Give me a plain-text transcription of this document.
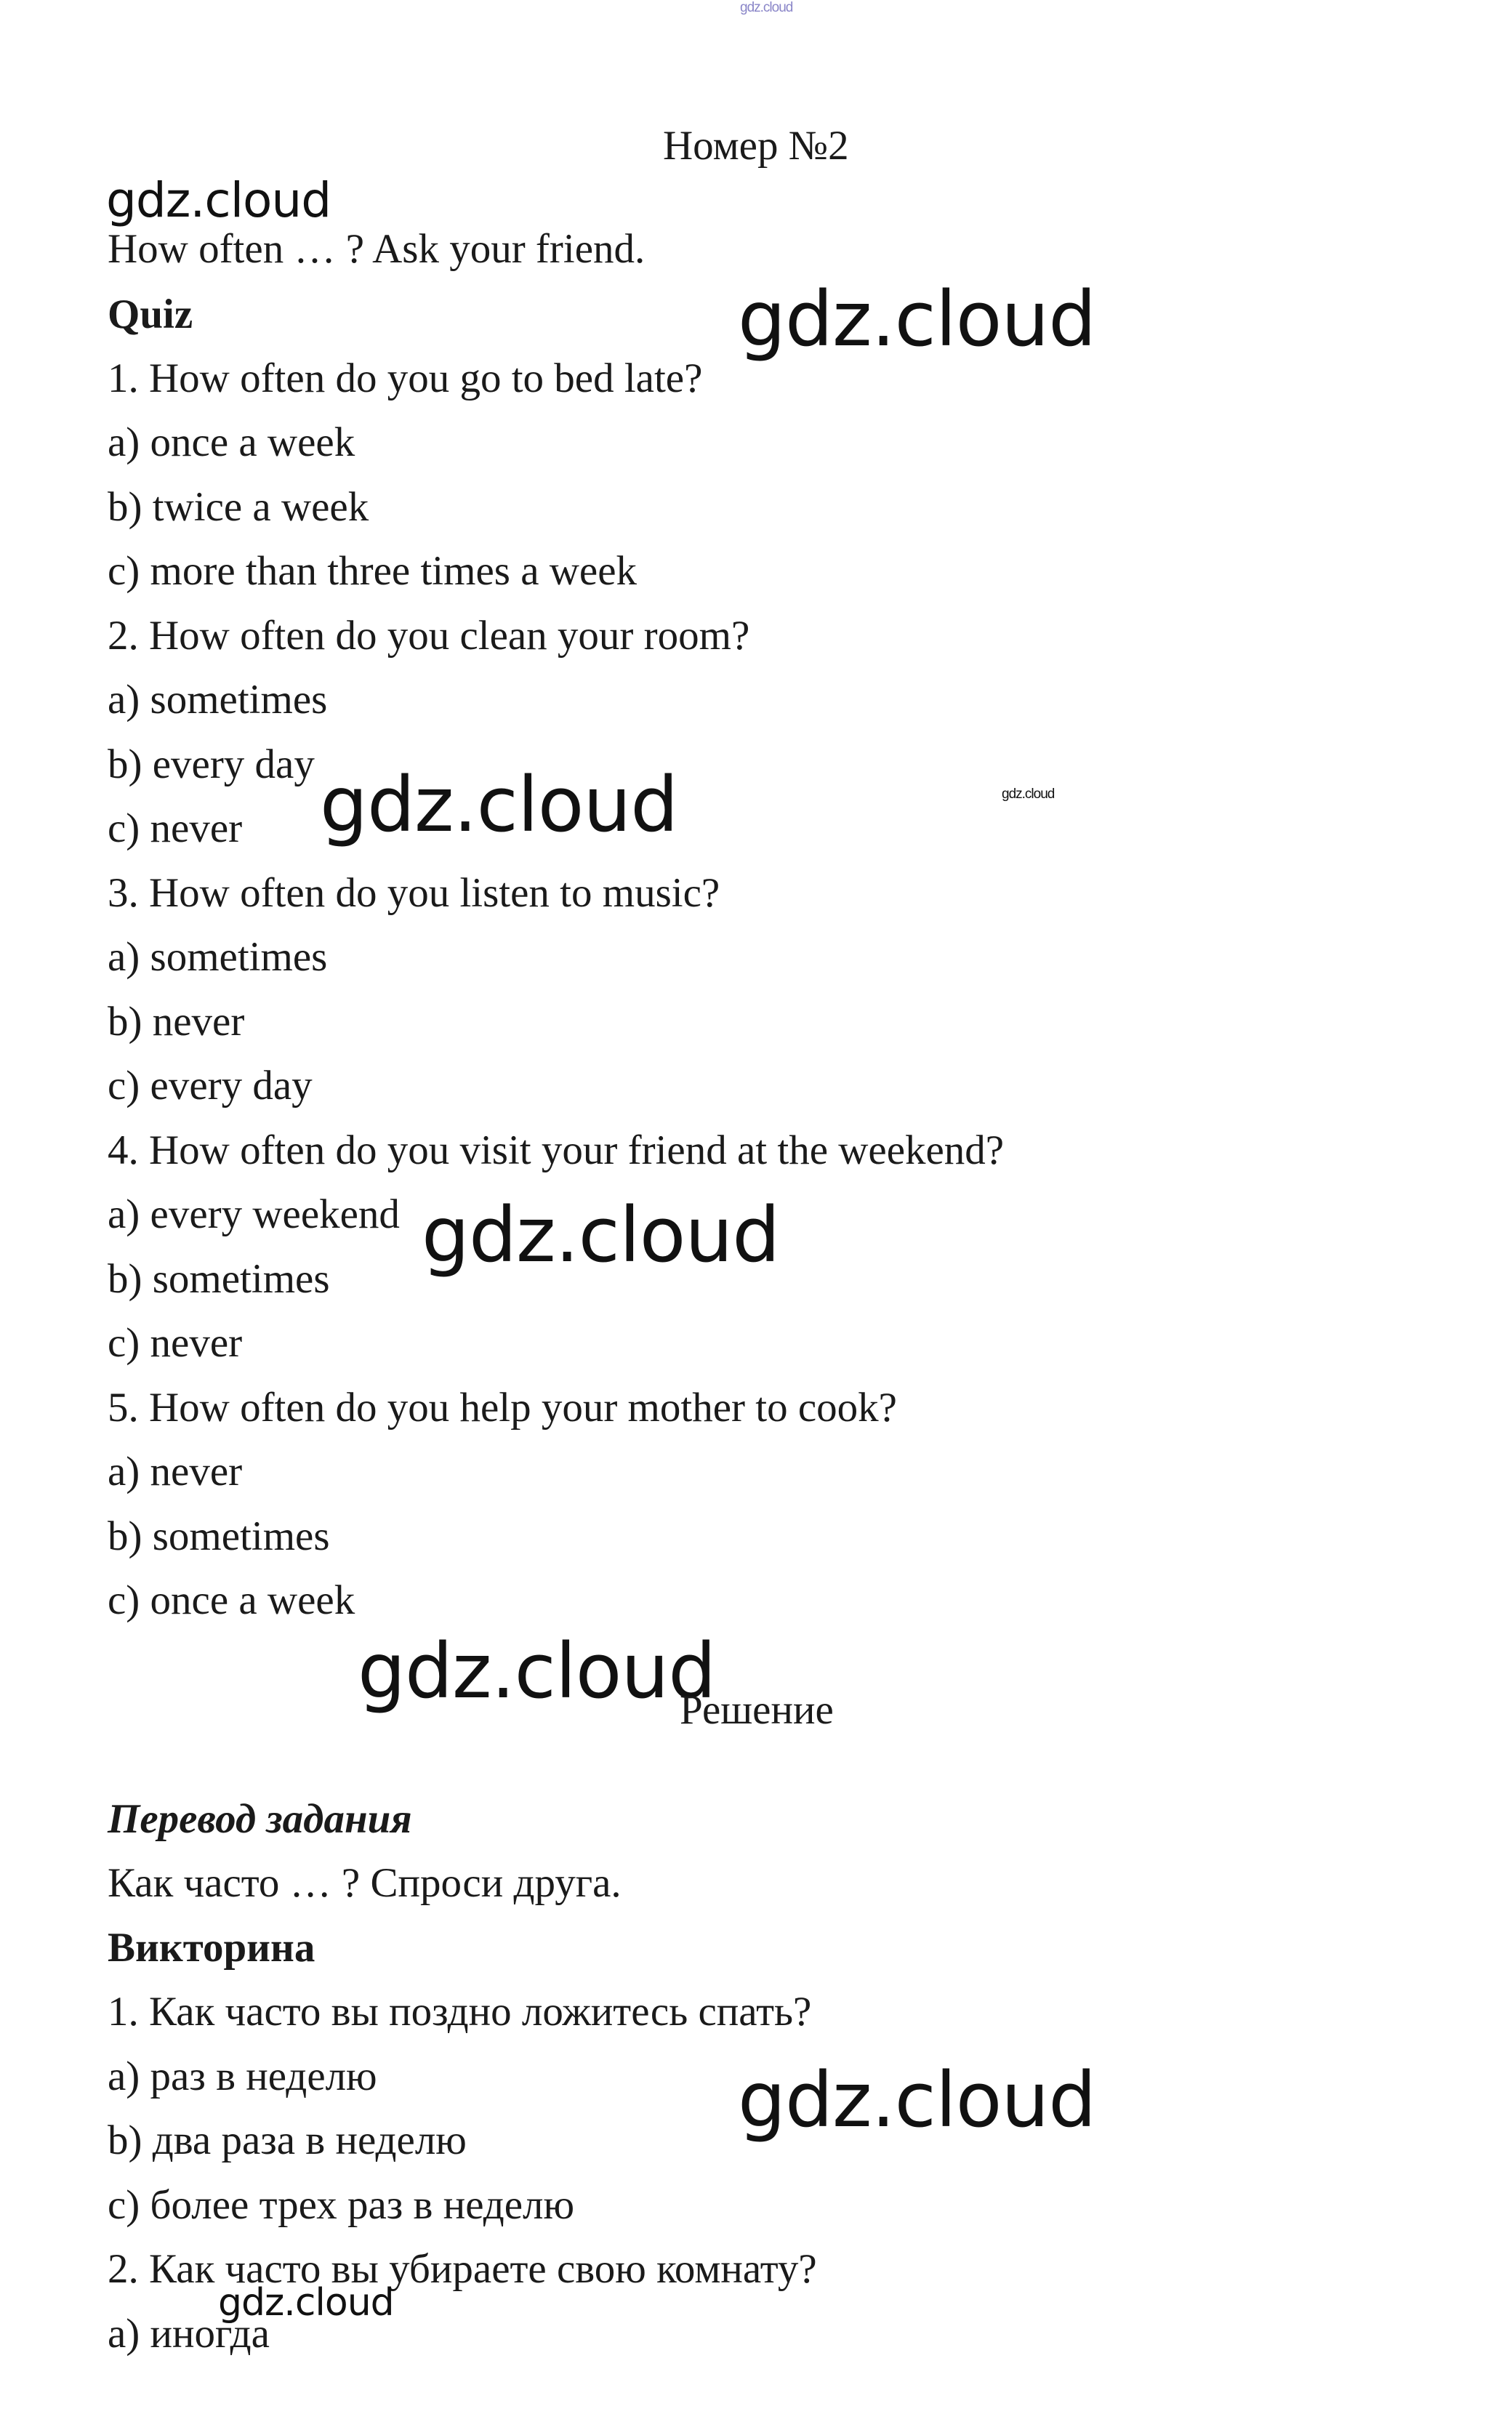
gdz.cloud
Номер №2
gdz.cloud
How often … ? Ask your friend.
Quiz
1. How often do you go to bed late?
a) once a week
b) twice a week
c) more than three times a week
2. How often do you clean your room?
a) sometimes
b) every day
c) never
3. How often do you listen to music?
a) sometimes
b) never
c) every day
4. How often do you visit your friend at the weekend?
a) every weekend
b) sometimes
c) never
5. How often do you help your mother to cook?
a) never
b) sometimes
c) once a week
gdz.cloud
gdz.cloud	gdz.cloud
gdz.cloud
gdz.cloud
Решение
Перевод задания
Как часто … ? Спроси друга.
Викторина
1. Как часто вы поздно ложитесь спать?
a) раз в неделю
b) два раза в неделю
c) более трех раз в неделю
2. Как часто вы убираете свою комнату?
a) иногда
gdz.cloud
gdz.cloud
